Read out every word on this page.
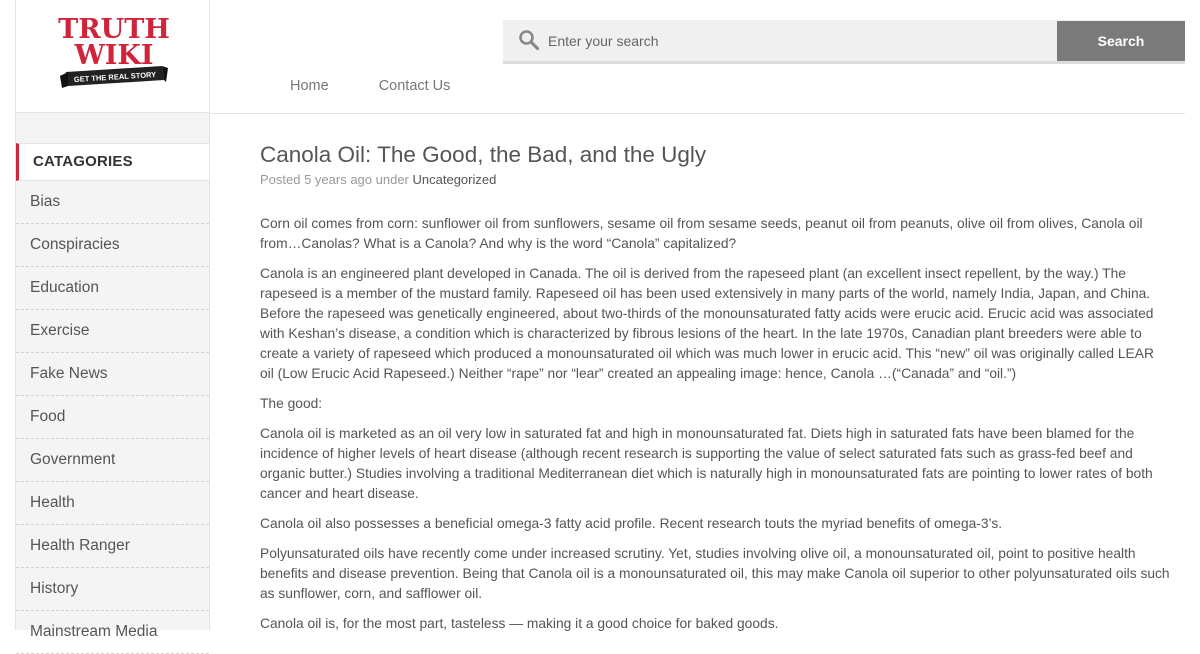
TRUTH
WIKI
GET THE REAL STORY
CATAGORIES
Bias
Conspiracies
Education
Exercise
Fake News
Food
Government
Health
Health Ranger
History
Mainstream Media
Enter your search
Search
Home	Contact Us
Canola Oil: The Good, the Bad, and the Ugly
Posted 5 years ago under Uncategorized

Corn oil comes from corn: sunflower oil from sunflowers, sesame oil from sesame seeds, peanut oil from peanuts, olive oil from olives, Canola oil from…Canolas? What is a Canola? And why is the word “Canola” capitalized?

Canola is an engineered plant developed in Canada. The oil is derived from the rapeseed plant (an excellent insect repellent, by the way.) The rapeseed is a member of the mustard family. Rapeseed oil has been used extensively in many parts of the world, namely India, Japan, and China. Before the rapeseed was genetically engineered, about two-thirds of the monounsaturated fatty acids were erucic acid. Erucic acid was associated with Keshan’s disease, a condition which is characterized by fibrous lesions of the heart. In the late 1970s, Canadian plant breeders were able to create a variety of rapeseed which produced a monounsaturated oil which was much lower in erucic acid. This “new” oil was originally called LEAR oil (Low Erucic Acid Rapeseed.) Neither “rape” nor “lear” created an appealing image: hence, Canola …(“Canada” and “oil.”)

The good:

Canola oil is marketed as an oil very low in saturated fat and high in monounsaturated fat. Diets high in saturated fats have been blamed for the incidence of higher levels of heart disease (although recent research is supporting the value of select saturated fats such as grass-fed beef and organic butter.) Studies involving a traditional Mediterranean diet which is naturally high in monounsaturated fats are pointing to lower rates of both cancer and heart disease.

Canola oil also possesses a beneficial omega-3 fatty acid profile. Recent research touts the myriad benefits of omega-3’s.

Polyunsaturated oils have recently come under increased scrutiny. Yet, studies involving olive oil, a monounsaturated oil, point to positive health benefits and disease prevention. Being that Canola oil is a monounsaturated oil, this may make Canola oil superior to other polyunsaturated oils such as sunflower, corn, and safflower oil.

Canola oil is, for the most part, tasteless — making it a good choice for baked goods.
